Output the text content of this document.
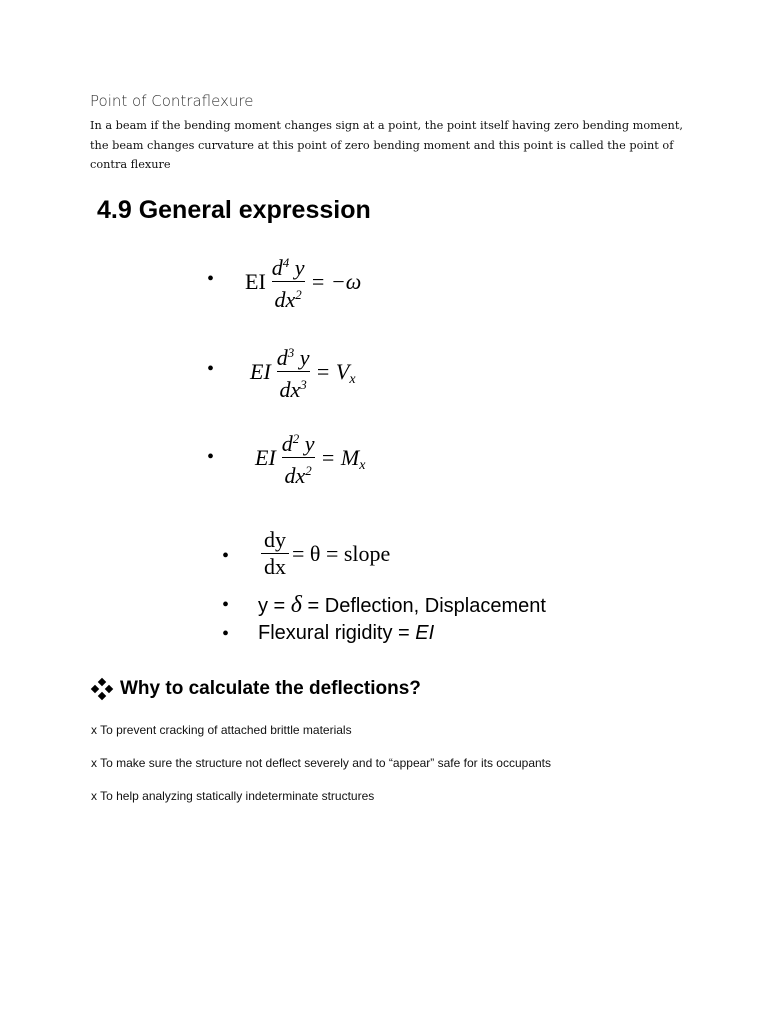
Point of Contraflexure

In a beam if the bending moment changes sign at a point, the point itself having zero bending moment, the beam changes curvature at this point of zero bending moment and this point is called the point of contra flexure

4.9 General expression
• EI $\frac{d^4 y}{dx^2} = -\omega$
• EI $\frac{d^3 y}{dx^3} = V$ x
• EI $\frac{d^2 y}{dx^2} = M$ x
• $\frac{dy}{dx} = \theta$ = slope
• y = δ = Deflection, Displacement
• Flexural rigidity = EI
Why to calculate the deflections?

x To prevent cracking of attached brittle materials

x To make sure the structure not deflect severely and to “appear” safe for its occupants

x To help analyzing statically indeterminate structures
